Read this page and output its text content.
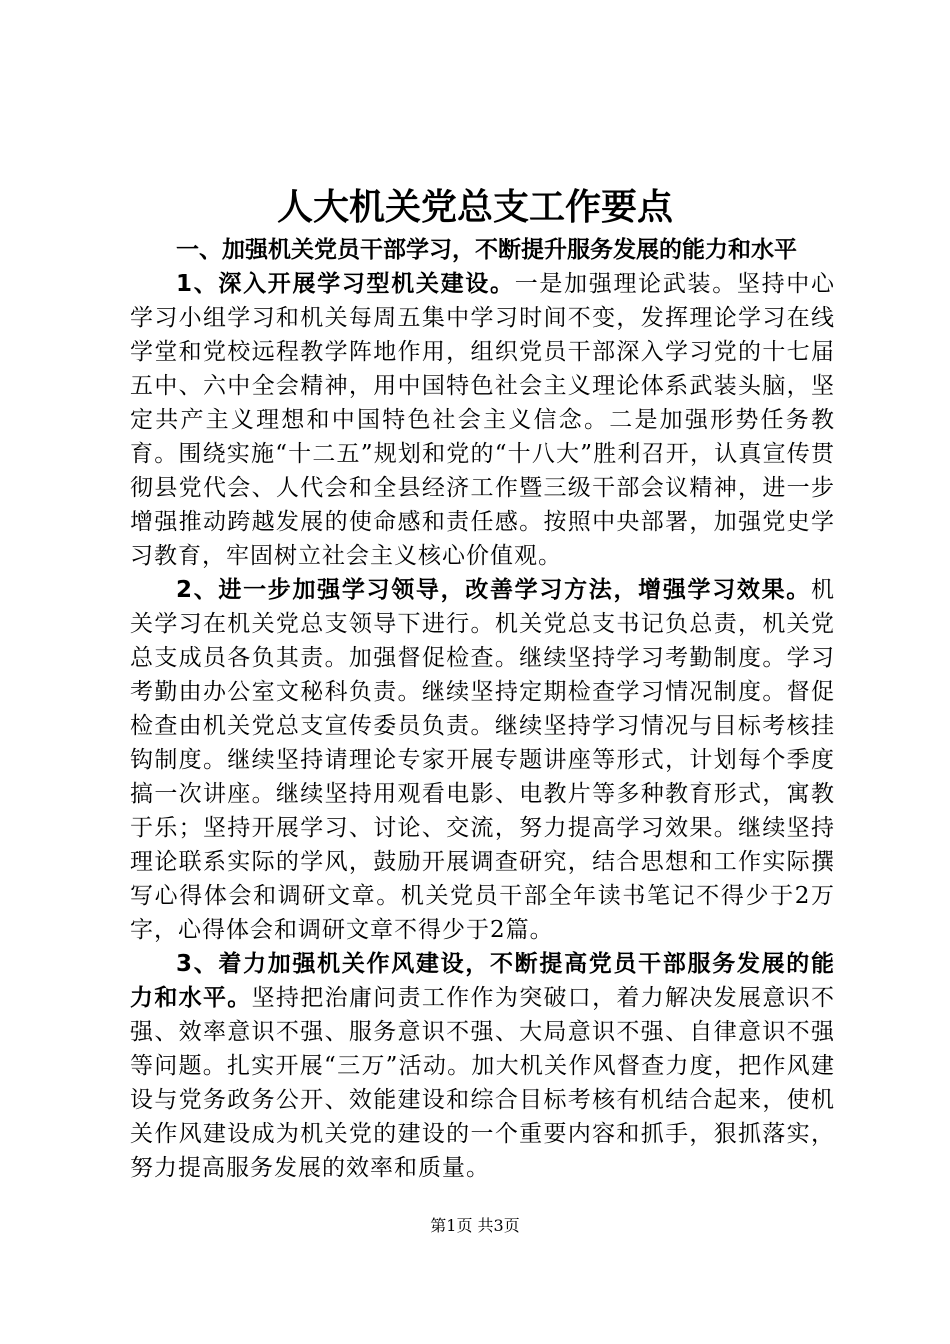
人大机关党总支工作要点

一、加强机关党员干部学习，不断提升服务发展的能力和水平

1、深入开展学习型机关建设。一是加强理论武装。坚持中心学习小组学习和机关每周五集中学习时间不变，发挥理论学习在线学堂和党校远程教学阵地作用，组织党员干部深入学习党的十七届五中、六中全会精神，用中国特色社会主义理论体系武装头脑，坚定共产主义理想和中国特色社会主义信念。二是加强形势任务教育。围绕实施“十二五”规划和党的“十八大”胜利召开，认真宣传贯彻县党代会、人代会和全县经济工作暨三级干部会议精神，进一步增强推动跨越发展的使命感和责任感。按照中央部署，加强党史学习教育，牢固树立社会主义核心价值观。

2、进一步加强学习领导，改善学习方法，增强学习效果。机关学习在机关党总支领导下进行。机关党总支书记负总责，机关党总支成员各负其责。加强督促检查。继续坚持学习考勤制度。学习考勤由办公室文秘科负责。继续坚持定期检查学习情况制度。督促检查由机关党总支宣传委员负责。继续坚持学习情况与目标考核挂钩制度。继续坚持请理论专家开展专题讲座等形式，计划每个季度搞一次讲座。继续坚持用观看电影、电教片等多种教育形式，寓教于乐；坚持开展学习、讨论、交流，努力提高学习效果。继续坚持理论联系实际的学风，鼓励开展调查研究，结合思想和工作实际撰写心得体会和调研文章。机关党员干部全年读书笔记不得少于2万字，心得体会和调研文章不得少于2篇。

3、着力加强机关作风建设，不断提高党员干部服务发展的能力和水平。坚持把治庸问责工作作为突破口，着力解决发展意识不强、效率意识不强、服务意识不强、大局意识不强、自律意识不强等问题。扎实开展“三万”活动。加大机关作风督查力度，把作风建设与党务政务公开、效能建设和综合目标考核有机结合起来，使机关作风建设成为机关党的建设的一个重要内容和抓手，狠抓落实，努力提高服务发展的效率和质量。

第1页 共3页
